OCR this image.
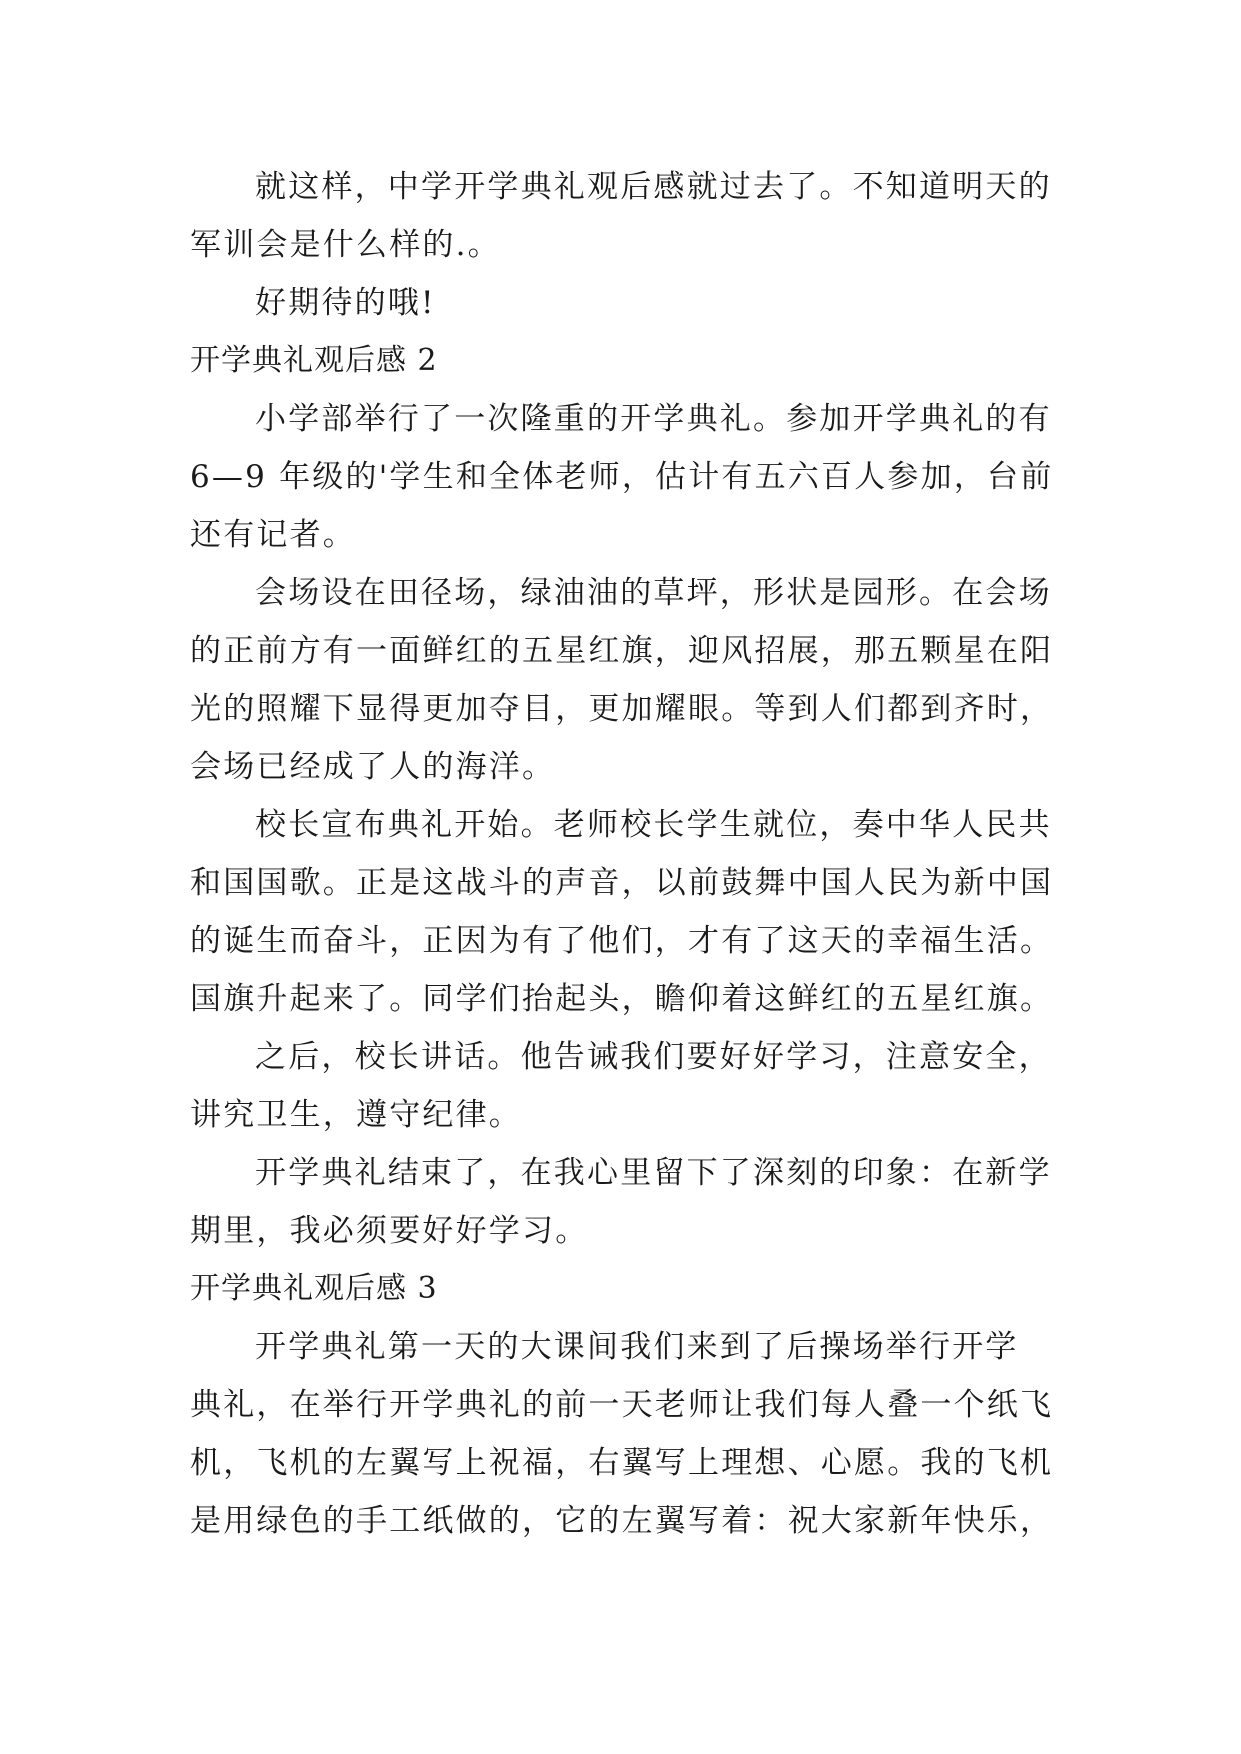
就这样，中学开学典礼观后感就过去了。不知道明天的
军训会是什么样的.。
好期待的哦!
开学典礼观后感 2
小学部举行了一次隆重的开学典礼。参加开学典礼的有
6—9 年级的'学生和全体老师，估计有五六百人参加，台前
还有记者。
会场设在田径场，绿油油的草坪，形状是园形。在会场
的正前方有一面鲜红的五星红旗，迎风招展，那五颗星在阳
光的照耀下显得更加夺目，更加耀眼。等到人们都到齐时，
会场已经成了人的海洋。
校长宣布典礼开始。老师校长学生就位，奏中华人民共
和国国歌。正是这战斗的声音，以前鼓舞中国人民为新中国
的诞生而奋斗，正因为有了他们，才有了这天的幸福生活。
国旗升起来了。同学们抬起头，瞻仰着这鲜红的五星红旗。
之后，校长讲话。他告诫我们要好好学习，注意安全，
讲究卫生，遵守纪律。
开学典礼结束了，在我心里留下了深刻的印象：在新学
期里，我必须要好好学习。
开学典礼观后感 3
开学典礼第一天的大课间我们来到了后操场举行开学
典礼，在举行开学典礼的前一天老师让我们每人叠一个纸飞
机，飞机的左翼写上祝福，右翼写上理想、心愿。我的飞机
是用绿色的手工纸做的，它的左翼写着：祝大家新年快乐，
